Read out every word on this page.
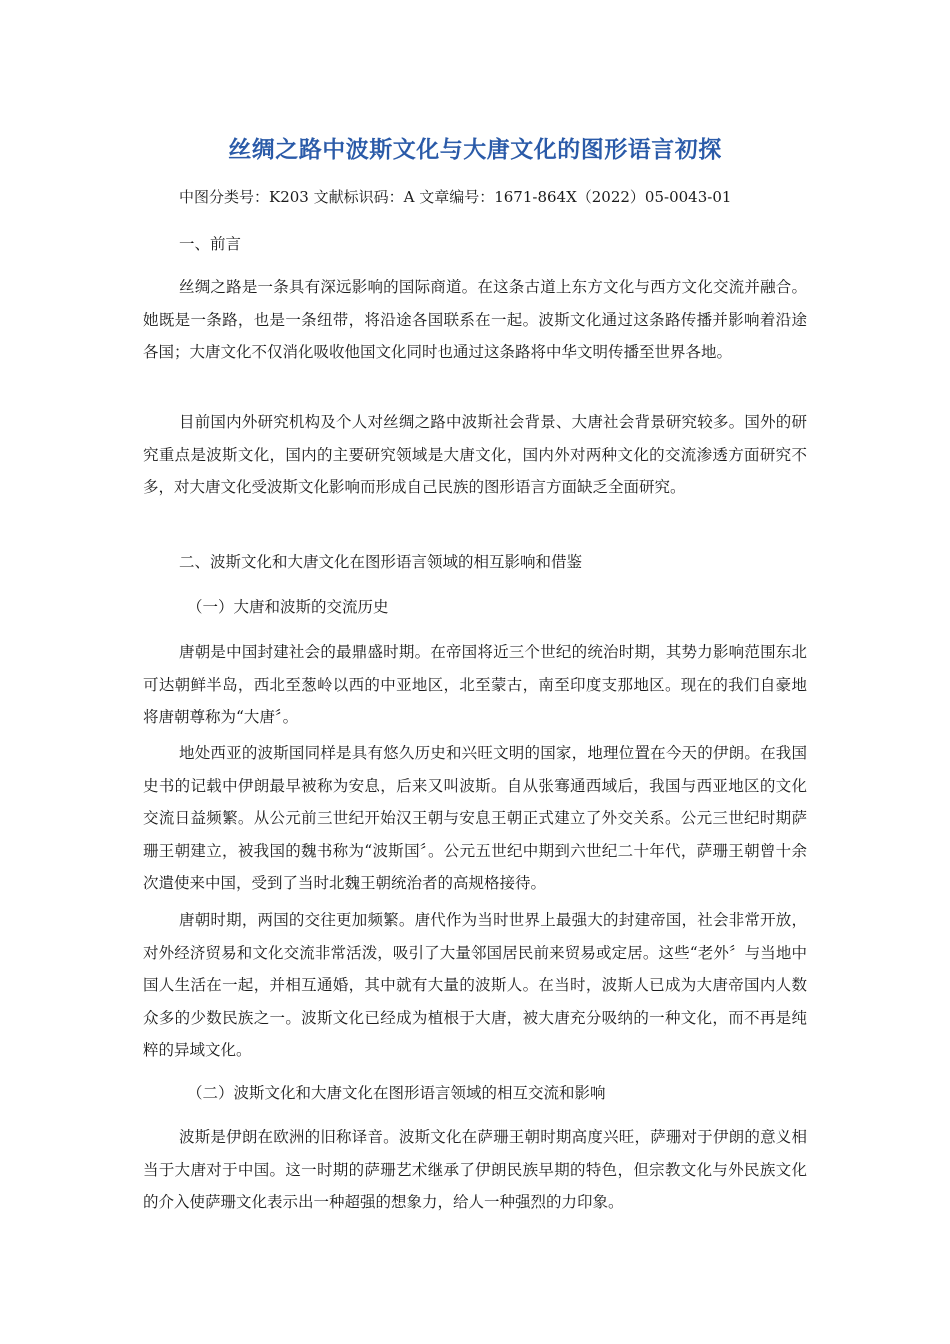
丝绸之路中波斯文化与大唐文化的图形语言初探
中图分类号：K203 文献标识码：A 文章编号：1671-864X（2022）05-0043-01
一、前言
丝绸之路是一条具有深远影响的国际商道。在这条古道上东方文化与西方文化交流并融合。她既是一条路，也是一条纽带，将沿途各国联系在一起。波斯文化通过这条路传播并影响着沿途各国；大唐文化不仅消化吸收他国文化同时也通过这条路将中华文明传播至世界各地。
目前国内外研究机构及个人对丝绸之路中波斯社会背景、大唐社会背景研究较多。国外的研究重点是波斯文化，国内的主要研究领域是大唐文化，国内外对两种文化的交流渗透方面研究不多，对大唐文化受波斯文化影响而形成自己民族的图形语言方面缺乏全面研究。
二、波斯文化和大唐文化在图形语言领域的相互影响和借鉴
（一）大唐和波斯的交流历史
唐朝是中国封建社会的最鼎盛时期。在帝国将近三个世纪的统治时期，其势力影响范围东北可达朝鲜半岛，西北至葱岭以西的中亚地区，北至蒙古，南至印度支那地区。现在的我们自豪地将唐朝尊称为“大唐〞。
地处西亚的波斯国同样是具有悠久历史和兴旺文明的国家，地理位置在今天的伊朗。在我国史书的记载中伊朗最早被称为安息，后来又叫波斯。自从张骞通西域后，我国与西亚地区的文化交流日益频繁。从公元前三世纪开始汉王朝与安息王朝正式建立了外交关系。公元三世纪时期萨珊王朝建立，被我国的魏书称为“波斯国〞。公元五世纪中期到六世纪二十年代，萨珊王朝曾十余次遣使来中国，受到了当时北魏王朝统治者的高规格接待。
唐朝时期，两国的交往更加频繁。唐代作为当时世界上最强大的封建帝国，社会非常开放，对外经济贸易和文化交流非常活泼，吸引了大量邻国居民前来贸易或定居。这些“老外〞与当地中国人生活在一起，并相互通婚，其中就有大量的波斯人。在当时，波斯人已成为大唐帝国内人数众多的少数民族之一。波斯文化已经成为植根于大唐，被大唐充分吸纳的一种文化，而不再是纯粹的异域文化。
（二）波斯文化和大唐文化在图形语言领域的相互交流和影响
波斯是伊朗在欧洲的旧称译音。波斯文化在萨珊王朝时期高度兴旺，萨珊对于伊朗的意义相当于大唐对于中国。这一时期的萨珊艺术继承了伊朗民族早期的特色，但宗教文化与外民族文化的介入使萨珊文化表示出一种超强的想象力，给人一种强烈的力印象。
